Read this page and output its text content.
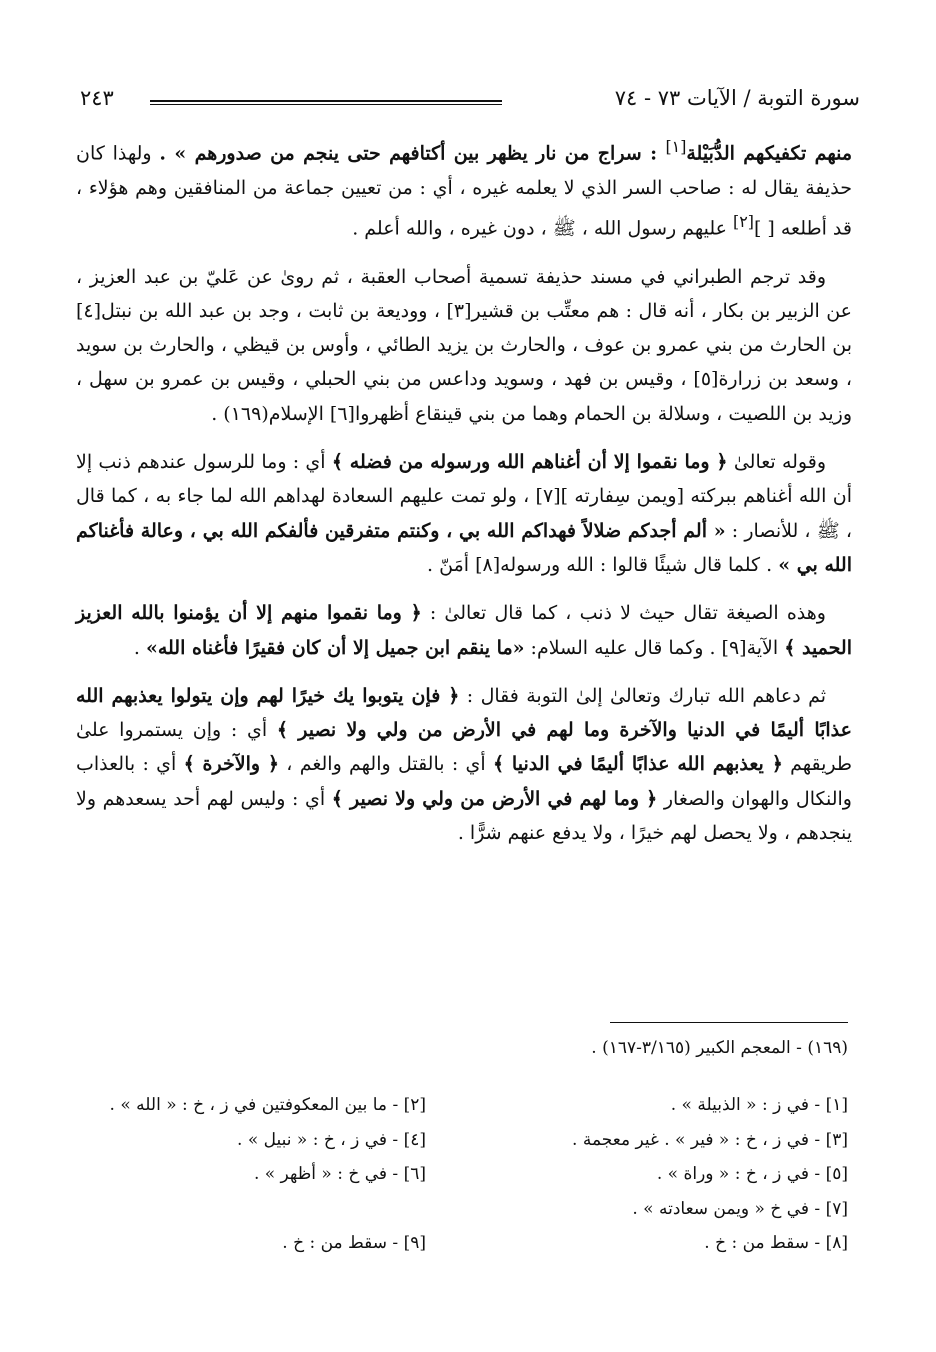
سورة التوبة / الآيات ٧٣ - ٧٤
٢٤٣

منهم تكفيكهم الدُّبَيْلة[١] : سراج من نار يظهر بين أكتافهم حتى ينجم من صدورهم » . ولهذا كان حذيفة يقال له : صاحب السر الذي لا يعلمه غيره ، أي : من تعيين جماعة من المنافقين وهم هؤلاء ، قد أطلعه [ ][٢] عليهم رسول الله ، ﷺ ، دون غيره ، والله أعلم .

وقد ترجم الطبراني في مسند حذيفة تسمية أصحاب العقبة ، ثم روىٰ عن عَليّ بن عبد العزيز ، عن الزبير بن بكار ، أنه قال : هم معتِّب بن قشير[٣] ، ووديعة بن ثابت ، وجد بن عبد الله بن نبتل[٤] بن الحارث من بني عمرو بن عوف ، والحارث بن يزيد الطائي ، وأوس بن قيظي ، والحارث بن سويد ، وسعد بن زرارة[٥] ، وقيس بن فهد ، وسويد وداعس من بني الحبلي ، وقيس بن عمرو بن سهل ، وزيد بن اللصيت ، وسلالة بن الحمام وهما من بني قينقاع أظهروا[٦] الإسلام(١٦٩) .

وقوله تعالىٰ ﴿ وما نقموا إلا أن أغناهم الله ورسوله من فضله ﴾ أي : وما للرسول عندهم ذنب إلا أن الله أغناهم ببركته [ويمن سِفارته ][٧] ، ولو تمت عليهم السعادة لهداهم الله لما جاء به ، كما قال ، ﷺ ، للأنصار : « ألم أجدكم ضلالاً فهداكم الله بي ، وكنتم متفرقين فألفكم الله بي ، وعالة فأغناكم الله بي » . كلما قال شيئًا قالوا : الله ورسوله[٨] أمَنّ .

وهذه الصيغة تقال حيث لا ذنب ، كما قال تعالىٰ : ﴿ وما نقموا منهم إلا أن يؤمنوا بالله العزيز الحميد ﴾ الآية[٩] . وكما قال عليه السلام: «ما ينقم ابن جميل إلا أن كان فقيرًا فأغناه الله» .

ثم دعاهم الله تبارك وتعالىٰ إلىٰ التوبة فقال : ﴿ فإن يتوبوا يك خيرًا لهم وإن يتولوا يعذبهم الله عذابًا أليمًا في الدنيا والآخرة وما لهم في الأرض من ولي ولا نصير ﴾ أي : وإن يستمروا علىٰ طريقهم ﴿ يعذبهم الله عذابًا أليمًا في الدنيا ﴾ أي : بالقتل والهم والغم ، ﴿ والآخرة ﴾ أي : بالعذاب والنكال والهوان والصغار ﴿ وما لهم في الأرض من ولي ولا نصير ﴾ أي : وليس لهم أحد يسعدهم ولا ينجدهم ، ولا يحصل لهم خيرًا ، ولا يدفع عنهم شرًّا .

(١٦٩) - المعجم الكبير (٣/١٦٥-١٦٧) .
[١] - في ز : « الذبيلة » .
[٣] - في ز ، خ : « فير » . غير معجمة .
[٥] - في ز ، خ : « وراة » .
[٧] - في خ « ويمن سعادته » .
[٨] - سقط من : خ .
[٢] - ما بين المعكوفتين في ز ، خ : « الله » .
[٤] - في ز ، خ : « نبيل » .
[٦] - في خ : « أظهر » .
[٩] - سقط من : خ .
